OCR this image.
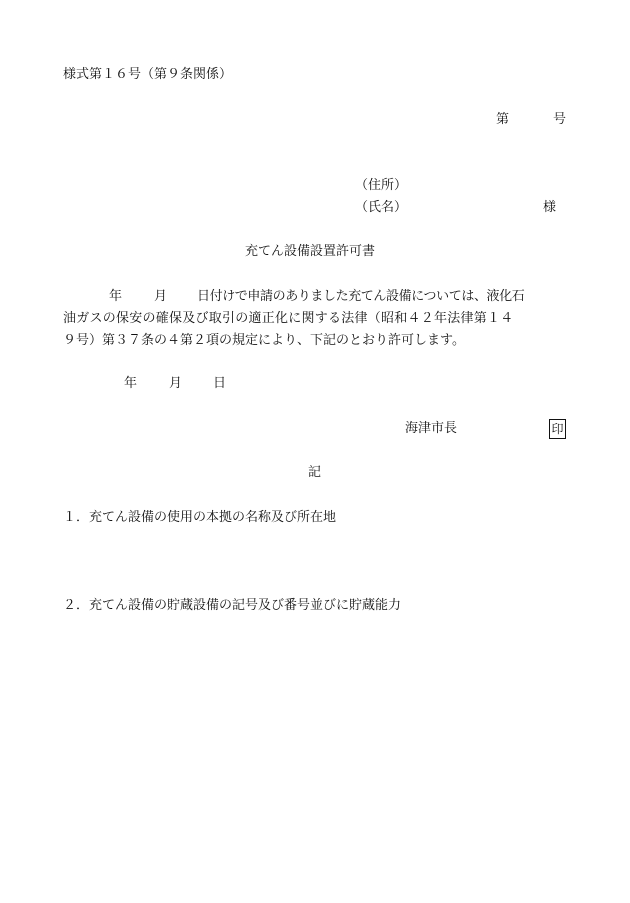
様式第１６号（第９条関係）
第	号
（住所）
（氏名）	様
充てん設備設置許可書
年 月 日付けで申請のありました充てん設備については、液化石
油ガスの保安の確保及び取引の適正化に関する法律（昭和４２年法律第１４
９号）第３７条の４第２項の規定により、下記のとおり許可します。
年 月 日
海津市長	印
記
１．充てん設備の使用の本拠の名称及び所在地
２．充てん設備の貯蔵設備の記号及び番号並びに貯蔵能力
